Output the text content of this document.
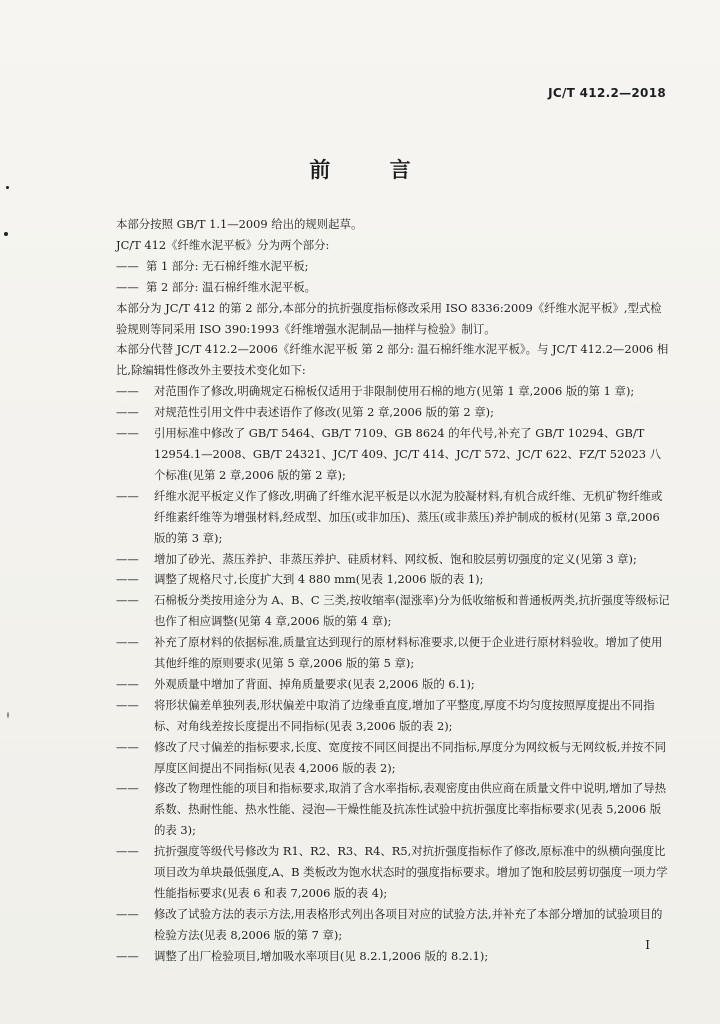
JC/T 412.2—2018
前 言

本部分按照 GB/T 1.1—2009 给出的规则起草。

JC/T 412《纤维水泥平板》分为两个部分:

—— 第 1 部分: 无石棉纤维水泥平板;

—— 第 2 部分: 温石棉纤维水泥平板。

本部分为 JC/T 412 的第 2 部分,本部分的抗折强度指标修改采用 ISO 8336:2009《纤维水泥平板》,型式检验规则等同采用 ISO 390:1993《纤维增强水泥制品—抽样与检验》制订。

本部分代替 JC/T 412.2—2006《纤维水泥平板 第 2 部分: 温石棉纤维水泥平板》。与 JC/T 412.2—2006 相比,除编辑性修改外主要技术变化如下:

——	对范围作了修改,明确规定石棉板仅适用于非限制使用石棉的地方(见第 1 章,2006 版的第 1 章);

——	对规范性引用文件中表述语作了修改(见第 2 章,2006 版的第 2 章);

——	引用标准中修改了 GB/T 5464、GB/T 7109、GB 8624 的年代号,补充了 GB/T 10294、GB/T 12954.1—2008、GB/T 24321、JC/T 409、JC/T 414、JC/T 572、JC/T 622、FZ/T 52023 八个标准(见第 2 章,2006 版的第 2 章);

——	纤维水泥平板定义作了修改,明确了纤维水泥平板是以水泥为胶凝材料,有机合成纤维、无机矿物纤维或纤维素纤维等为增强材料,经成型、加压(或非加压)、蒸压(或非蒸压)养护制成的板材(见第 3 章,2006 版的第 3 章);

——	增加了砂光、蒸压养护、非蒸压养护、硅质材料、网纹板、饱和胶层剪切强度的定义(见第 3 章);

——	调整了规格尺寸,长度扩大到 4 880 mm(见表 1,2006 版的表 1);

——	石棉板分类按用途分为 A、B、C 三类,按收缩率(湿涨率)分为低收缩板和普通板两类,抗折强度等级标记也作了相应调整(见第 4 章,2006 版的第 4 章);

——	补充了原材料的依据标准,质量宜达到现行的原材料标准要求,以便于企业进行原材料验收。增加了使用其他纤维的原则要求(见第 5 章,2006 版的第 5 章);

——	外观质量中增加了背面、掉角质量要求(见表 2,2006 版的 6.1);

——	将形状偏差单独列表,形状偏差中取消了边缘垂直度,增加了平整度,厚度不均匀度按照厚度提出不同指标、对角线差按长度提出不同指标(见表 3,2006 版的表 2);

——	修改了尺寸偏差的指标要求,长度、宽度按不同区间提出不同指标,厚度分为网纹板与无网纹板,并按不同厚度区间提出不同指标(见表 4,2006 版的表 2);

——	修改了物理性能的项目和指标要求,取消了含水率指标,表观密度由供应商在质量文件中说明,增加了导热系数、热耐性能、热水性能、浸泡—干燥性能及抗冻性试验中抗折强度比率指标要求(见表 5,2006 版的表 3);

——	抗折强度等级代号修改为 R1、R2、R3、R4、R5,对抗折强度指标作了修改,原标准中的纵横向强度比项目改为单块最低强度,A、B 类板改为饱水状态时的强度指标要求。增加了饱和胶层剪切强度一项力学性能指标要求(见表 6 和表 7,2006 版的表 4);

——	修改了试验方法的表示方法,用表格形式列出各项目对应的试验方法,并补充了本部分增加的试验项目的检验方法(见表 8,2006 版的第 7 章);

——	调整了出厂检验项目,增加吸水率项目(见 8.2.1,2006 版的 8.2.1);

I
